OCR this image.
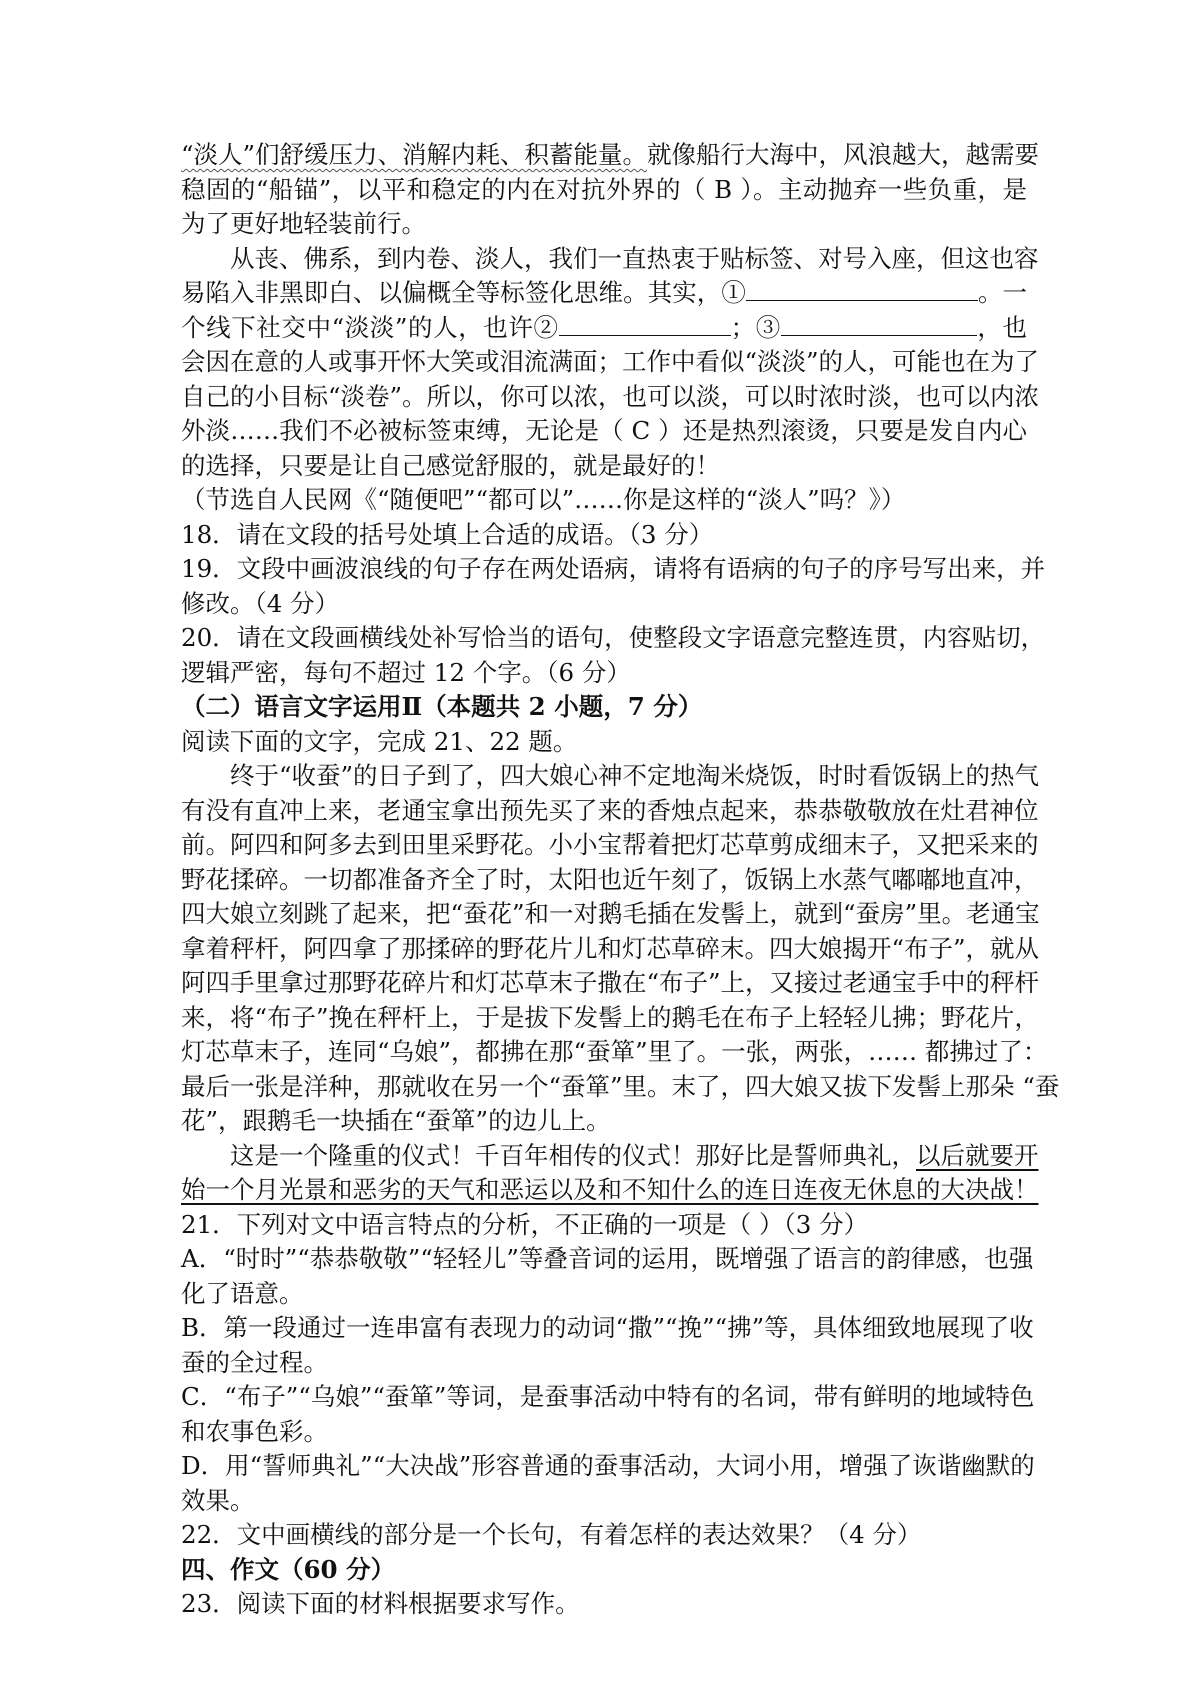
“淡人”们舒缓压力、消解内耗、积蓄能量。就像船行大海中，风浪越大，越需要
稳固的“船锚”，以平和稳定的内在对抗外界的（ B ）。主动抛弃一些负重，是
为了更好地轻装前行。
从丧、佛系，到内卷、淡人，我们一直热衷于贴标签、对号入座，但这也容
易陷入非黑即白、以偏概全等标签化思维。其实，①	。一
个线下社交中“淡淡”的人，也许②	；③	，也
会因在意的人或事开怀大笑或泪流满面；工作中看似“淡淡”的人，可能也在为了
自己的小目标“淡卷”。所以，你可以浓，也可以淡，可以时浓时淡，也可以内浓
外淡……我们不必被标签束缚，无论是（ C ）还是热烈滚烫，只要是发自内心
的选择，只要是让自己感觉舒服的，就是最好的！
（节选自人民网《“随便吧”“都可以”……你是这样的“淡人”吗？》）
18．请在文段的括号处填上合适的成语。（3 分）
19．文段中画波浪线的句子存在两处语病，请将有语病的句子的序号写出来，并
修改。（4 分）
20．请在文段画横线处补写恰当的语句，使整段文字语意完整连贯，内容贴切，
逻辑严密，每句不超过 12 个字。（6 分）
（二）语言文字运用Ⅱ（本题共 2 小题，7 分）
阅读下面的文字，完成 21、22 题。
终于“收蚕”的日子到了，四大娘心神不定地淘米烧饭，时时看饭锅上的热气
有没有直冲上来，老通宝拿出预先买了来的香烛点起来，恭恭敬敬放在灶君神位
前。阿四和阿多去到田里采野花。小小宝帮着把灯芯草剪成细末子，又把采来的
野花揉碎。一切都准备齐全了时，太阳也近午刻了，饭锅上水蒸气嘟嘟地直冲，
四大娘立刻跳了起来，把“蚕花”和一对鹅毛插在发髻上，就到“蚕房”里。老通宝
拿着秤杆，阿四拿了那揉碎的野花片儿和灯芯草碎末。四大娘揭开“布子”，就从
阿四手里拿过那野花碎片和灯芯草末子撒在“布子”上，又接过老通宝手中的秤杆
来，将“布子”挽在秤杆上，于是拔下发髻上的鹅毛在布子上轻轻儿拂；野花片，
灯芯草末子，连同“乌娘”，都拂在那“蚕箪”里了。一张，两张，…… 都拂过了：
最后一张是洋种，那就收在另一个“蚕箪”里。末了，四大娘又拔下发髻上那朵 “蚕
花”，跟鹅毛一块插在“蚕箪”的边儿上。
这是一个隆重的仪式！千百年相传的仪式！那好比是誓师典礼，以后就要开
始一个月光景和恶劣的天气和恶运以及和不知什么的连日连夜无休息的大决战！
21．下列对文中语言特点的分析，不正确的一项是（ ）（3 分）
A．“时时”“恭恭敬敬”“轻轻儿”等叠音词的运用，既增强了语言的韵律感，也强
化了语意。
B．第一段通过一连串富有表现力的动词“撒”“挽”“拂”等，具体细致地展现了收
蚕的全过程。
C．“布子”“乌娘”“蚕箪”等词，是蚕事活动中特有的名词，带有鲜明的地域特色
和农事色彩。
D．用“誓师典礼”“大决战”形容普通的蚕事活动，大词小用，增强了诙谐幽默的
效果。
22．文中画横线的部分是一个长句，有着怎样的表达效果？（4 分）
四、作文（60 分）
23．阅读下面的材料根据要求写作。
